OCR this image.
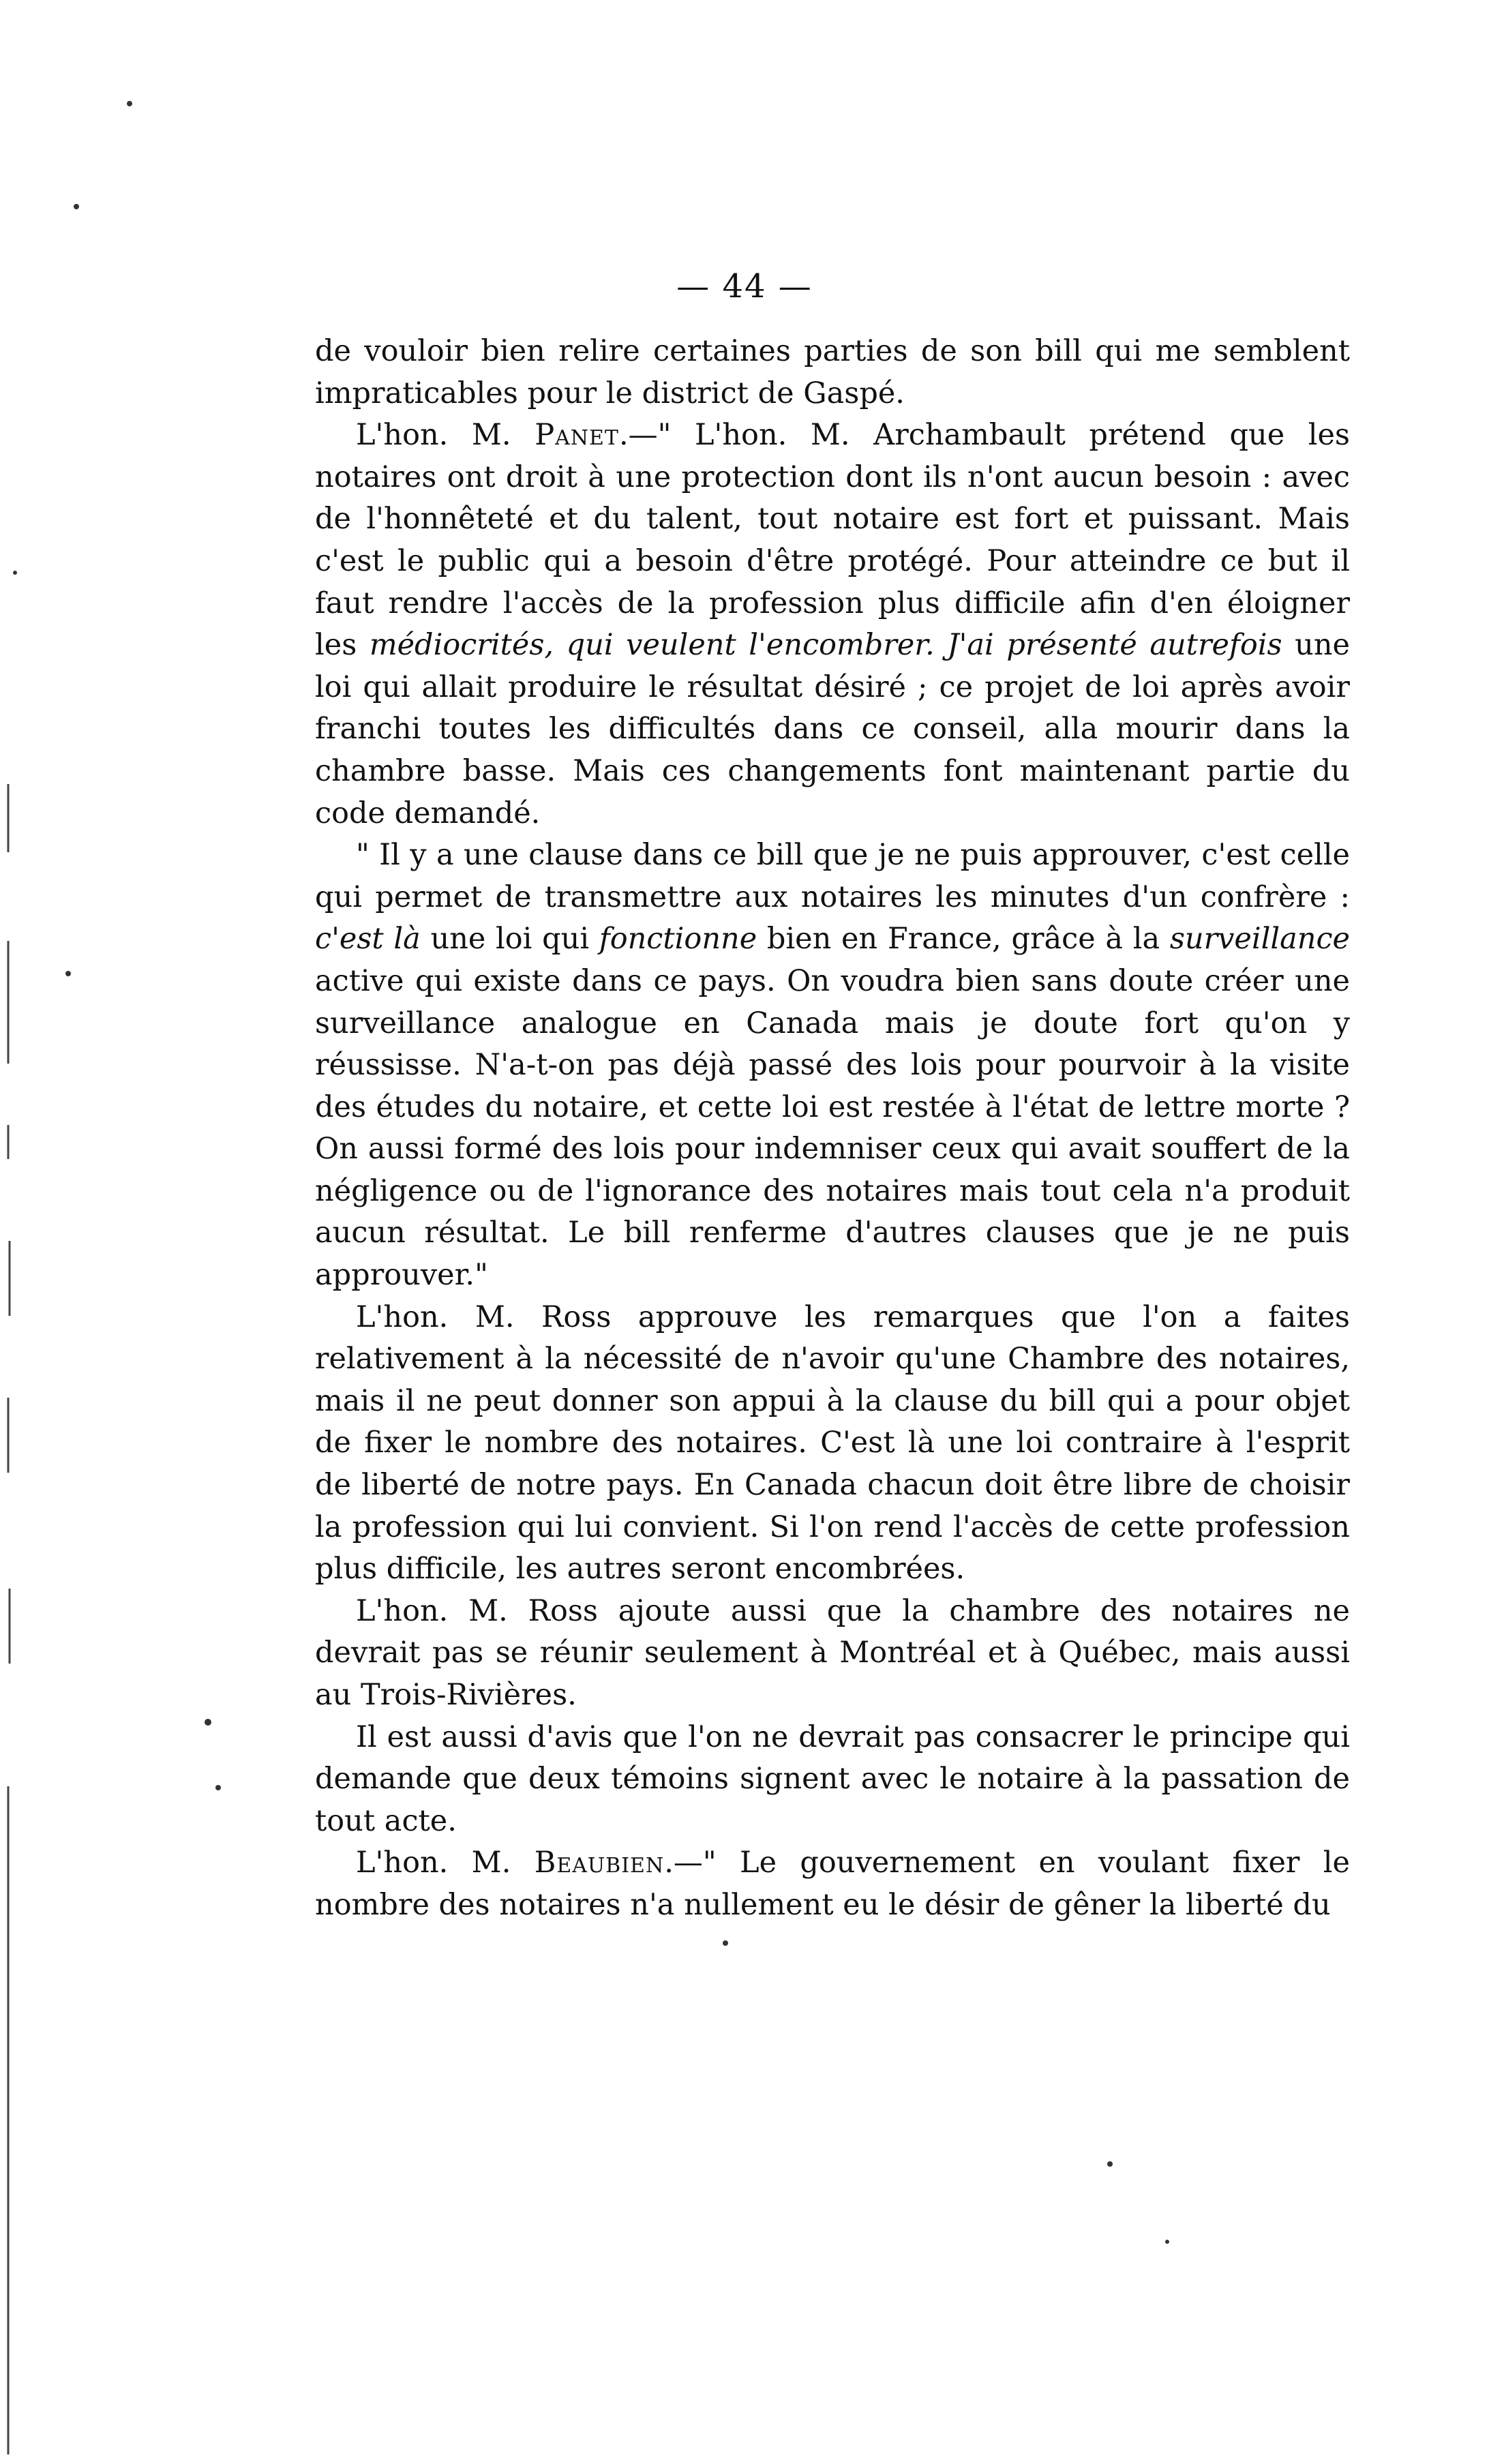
— 44 —

de vouloir bien relire certaines parties de son bill qui me semblent impraticables pour le district de Gaspé.

L'hon. M. Panet.—" L'hon. M. Archambault prétend que les notaires ont droit à une protection dont ils n'ont aucun besoin : avec de l'honnêteté et du talent, tout notaire est fort et puissant. Mais c'est le public qui a besoin d'être protégé. Pour atteindre ce but il faut rendre l'accès de la profession plus difficile afin d'en éloigner les médiocrités, qui veulent l'encombrer. J'ai présenté autrefois une loi qui allait produire le résultat désiré ; ce projet de loi après avoir franchi toutes les difficultés dans ce conseil, alla mourir dans la chambre basse. Mais ces changements font maintenant partie du code demandé.

" Il y a une clause dans ce bill que je ne puis approuver, c'est celle qui permet de transmettre aux notaires les minutes d'un confrère : c'est là une loi qui fonctionne bien en France, grâce à la surveillance active qui existe dans ce pays. On voudra bien sans doute créer une surveillance analogue en Canada mais je doute fort qu'on y réussisse. N'a-t-on pas déjà passé des lois pour pourvoir à la visite des études du notaire, et cette loi est restée à l'état de lettre morte ? On aussi formé des lois pour indemniser ceux qui avait souffert de la négligence ou de l'ignorance des notaires mais tout cela n'a produit aucun résultat. Le bill renferme d'autres clauses que je ne puis approuver."

L'hon. M. Ross approuve les remarques que l'on a faites relativement à la nécessité de n'avoir qu'une Chambre des notaires, mais il ne peut donner son appui à la clause du bill qui a pour objet de fixer le nombre des notaires. C'est là une loi contraire à l'esprit de liberté de notre pays. En Canada chacun doit être libre de choisir la profession qui lui convient. Si l'on rend l'accès de cette profession plus difficile, les autres seront encombrées.

L'hon. M. Ross ajoute aussi que la chambre des notaires ne devrait pas se réunir seulement à Montréal et à Québec, mais aussi au Trois-Rivières.

Il est aussi d'avis que l'on ne devrait pas consacrer le principe qui demande que deux témoins signent avec le notaire à la passation de tout acte.

L'hon. M. Beaubien.—" Le gouvernement en voulant fixer le nombre des notaires n'a nullement eu le désir de gêner la liberté du
